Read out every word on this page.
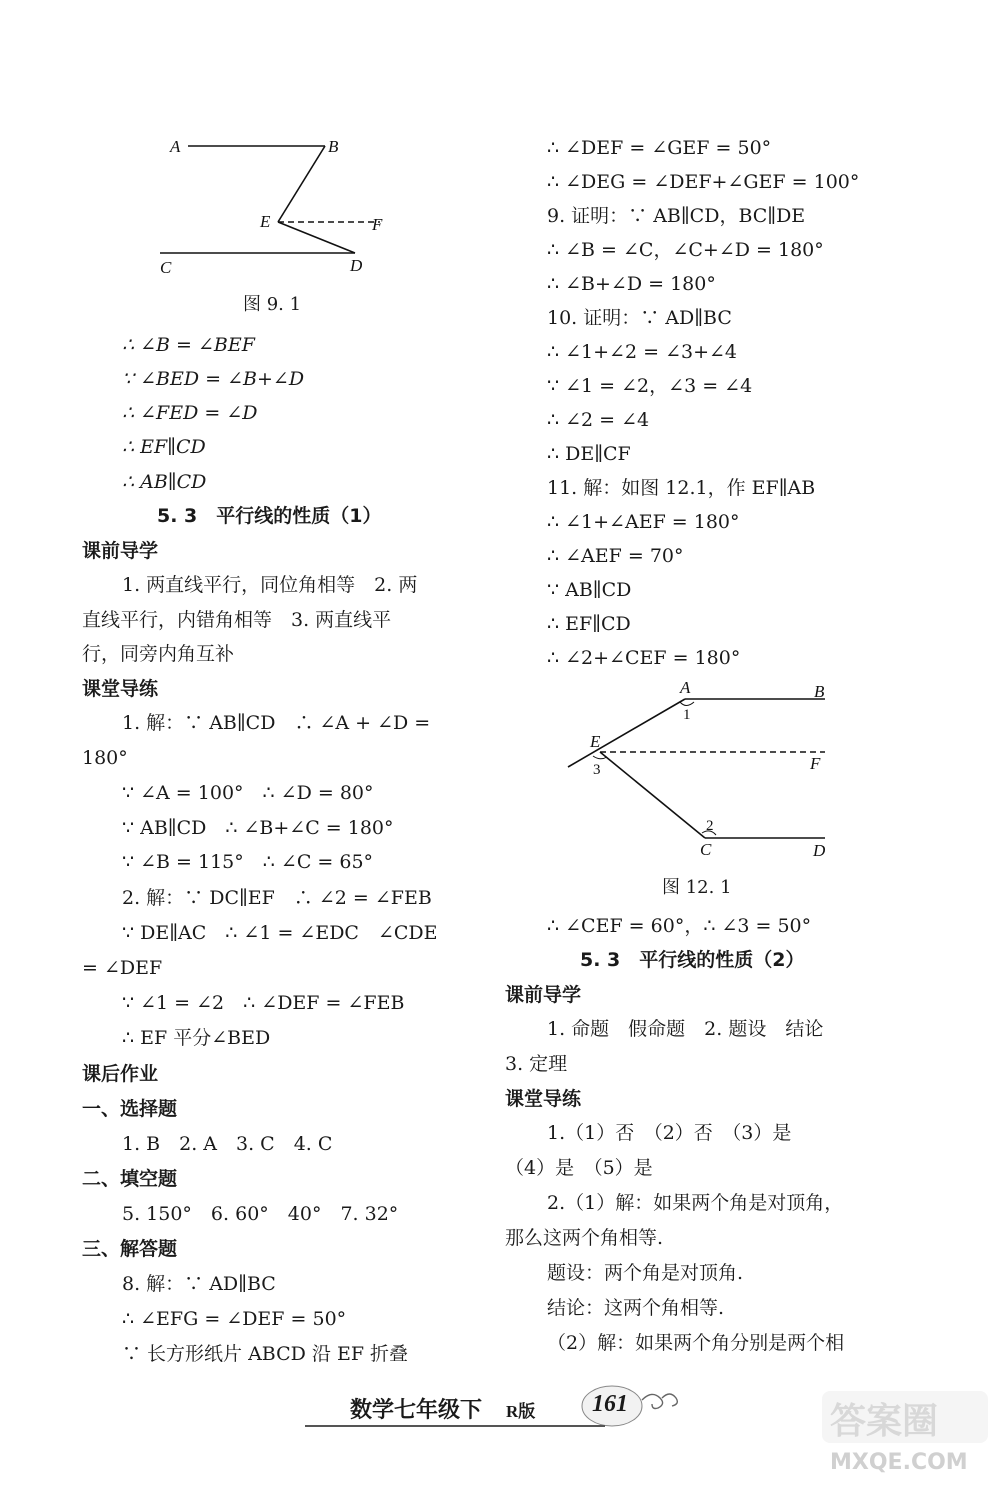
A	B
E	F
C	D
图 9. 1
∴ ∠B = ∠BEF
∵ ∠BED = ∠B+∠D
∴ ∠FED = ∠D
∴ EF∥CD
∴ AB∥CD
5. 3　平行线的性质（1）
课前导学
1. 两直线平行，同位角相等　2. 两
直线平行，内错角相等　3. 两直线平
行，同旁内角互补
课堂导练
1. 解：∵ AB∥CD　∴ ∠A + ∠D =
180°
∵ ∠A = 100°　∴ ∠D = 80°
∵ AB∥CD　∴ ∠B+∠C = 180°
∵ ∠B = 115°　∴ ∠C = 65°
2. 解：∵ DC∥EF　∴ ∠2 = ∠FEB
∵ DE∥AC　∴ ∠1 = ∠EDC　∠CDE
= ∠DEF
∵ ∠1 = ∠2　∴ ∠DEF = ∠FEB
∴ EF 平分∠BED
课后作业
一、选择题
1. B　2. A　3. C　4. C
二、填空题
5. 150°　6. 60°　40°　7. 32°
三、解答题
8. 解：∵ AD∥BC
∴ ∠EFG = ∠DEF = 50°
∵ 长方形纸片 ABCD 沿 EF 折叠
∴ ∠DEF = ∠GEF = 50°
∴ ∠DEG = ∠DEF+∠GEF = 100°
9. 证明：∵ AB∥CD，BC∥DE
∴ ∠B = ∠C，∠C+∠D = 180°
∴ ∠B+∠D = 180°
10. 证明：∵ AD∥BC
∴ ∠1+∠2 = ∠3+∠4
∵ ∠1 = ∠2，∠3 = ∠4
∴ ∠2 = ∠4
∴ DE∥CF
11. 解：如图 12.1，作 EF∥AB
∴ ∠1+∠AEF = 180°
∴ ∠AEF = 70°
∵ AB∥CD
∴ EF∥CD
∴ ∠2+∠CEF = 180°
A	B
E
F
C	D
1
2
3
图 12. 1
∴ ∠CEF = 60°，∴ ∠3 = 50°
5. 3　平行线的性质（2）
课前导学
1. 命题　假命题　2. 题设　结论
3. 定理
课堂导练
1.（1）否　（2）否　（3）是
（4）是　（5）是
2.（1）解：如果两个角是对顶角，
那么这两个角相等.
题设：两个角是对顶角.
结论：这两个角相等.
（2）解：如果两个角分别是两个相
数学七年级下 R版 161	答案圈
MXQE.COM
